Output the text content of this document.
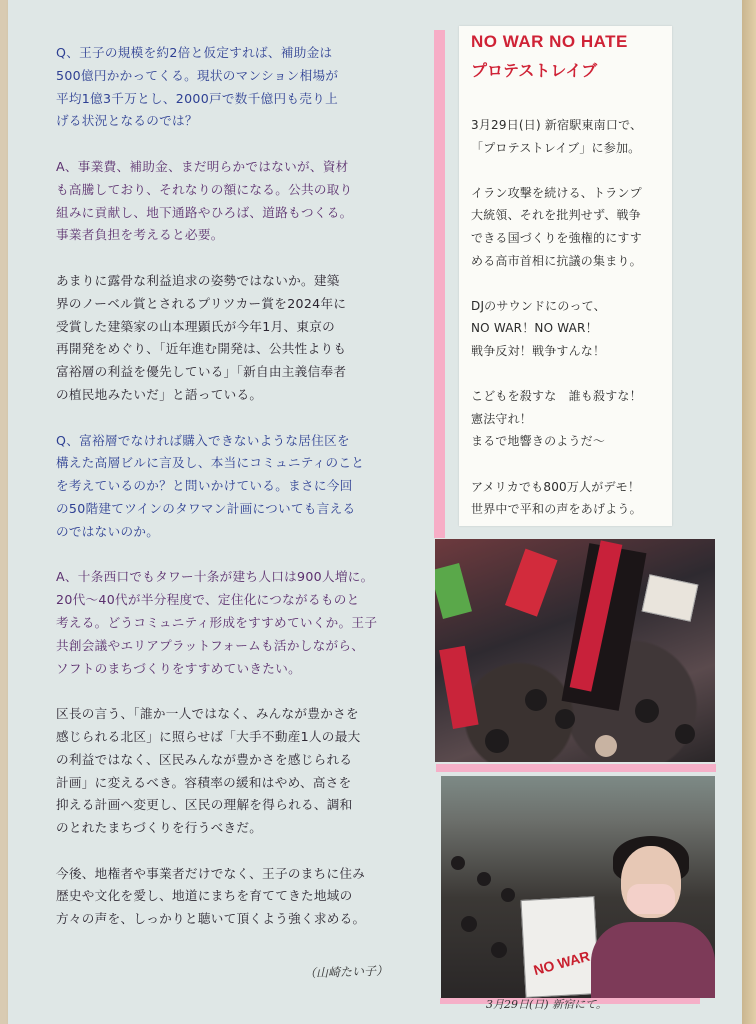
Q、王子の規模を約2倍と仮定すれば、補助金は
500億円かかってくる。現状のマンション相場が
平均1億3千万とし、2000戸で数千億円も売り上
げる状況となるのでは？

A、事業費、補助金、まだ明らかではないが、資材
も高騰しており、それなりの額になる。公共の取り
組みに貢献し、地下通路やひろば、道路もつくる。
事業者負担を考えると必要。

あまりに露骨な利益追求の姿勢ではないか。建築
界のノーベル賞とされるプリツカー賞を2024年に
受賞した建築家の山本理顕氏が今年1月、東京の
再開発をめぐり、「近年進む開発は、公共性よりも
富裕層の利益を優先している」「新自由主義信奉者
の植民地みたいだ」と語っている。

Q、富裕層でなければ購入できないような居住区を
構えた高層ビルに言及し、本当にコミュニティのこと
を考えているのか？と問いかけている。まさに今回
の50階建てツインのタワマン計画についても言える
のではないのか。

A、十条西口でもタワー十条が建ち人口は900人増に。
20代～40代が半分程度で、定住化につながるものと
考える。どうコミュニティ形成をすすめていくか。王子
共創会議やエリアプラットフォームも活かしながら、
ソフトのまちづくりをすすめていきたい。

区長の言う、「誰か一人ではなく、みんなが豊かさを
感じられる北区」に照らせば「大手不動産1人の最大
の利益ではなく、区民みんなが豊かさを感じられる
計画」に変えるべき。容積率の緩和はやめ、高さを
抑える計画へ変更し、区民の理解を得られる、調和
のとれたまちづくりを行うべきだ。

今後、地権者や事業者だけでなく、王子のまちに住み
歴史や文化を愛し、地道にまちを育ててきた地域の
方々の声を、しっかりと聴いて頂くよう強く求める。

（山崎たい子）
NO WAR NO HATE
プロテストレイブ

3月29日(日) 新宿駅東南口で、
「プロテストレイブ」に参加。

イラン攻撃を続ける、トランプ
大統領、それを批判せず、戦争
できる国づくりを強権的にすす
める高市首相に抗議の集まり。

DJのサウンドにのって、
NO WAR！NO WAR！
戦争反対！戦争すんな！

こどもを殺すな　誰も殺すな！
憲法守れ！
まるで地響きのようだ～

アメリカでも800万人がデモ！
世界中で平和の声をあげよう。

NO WAR
3月29日(日) 新宿にて。
